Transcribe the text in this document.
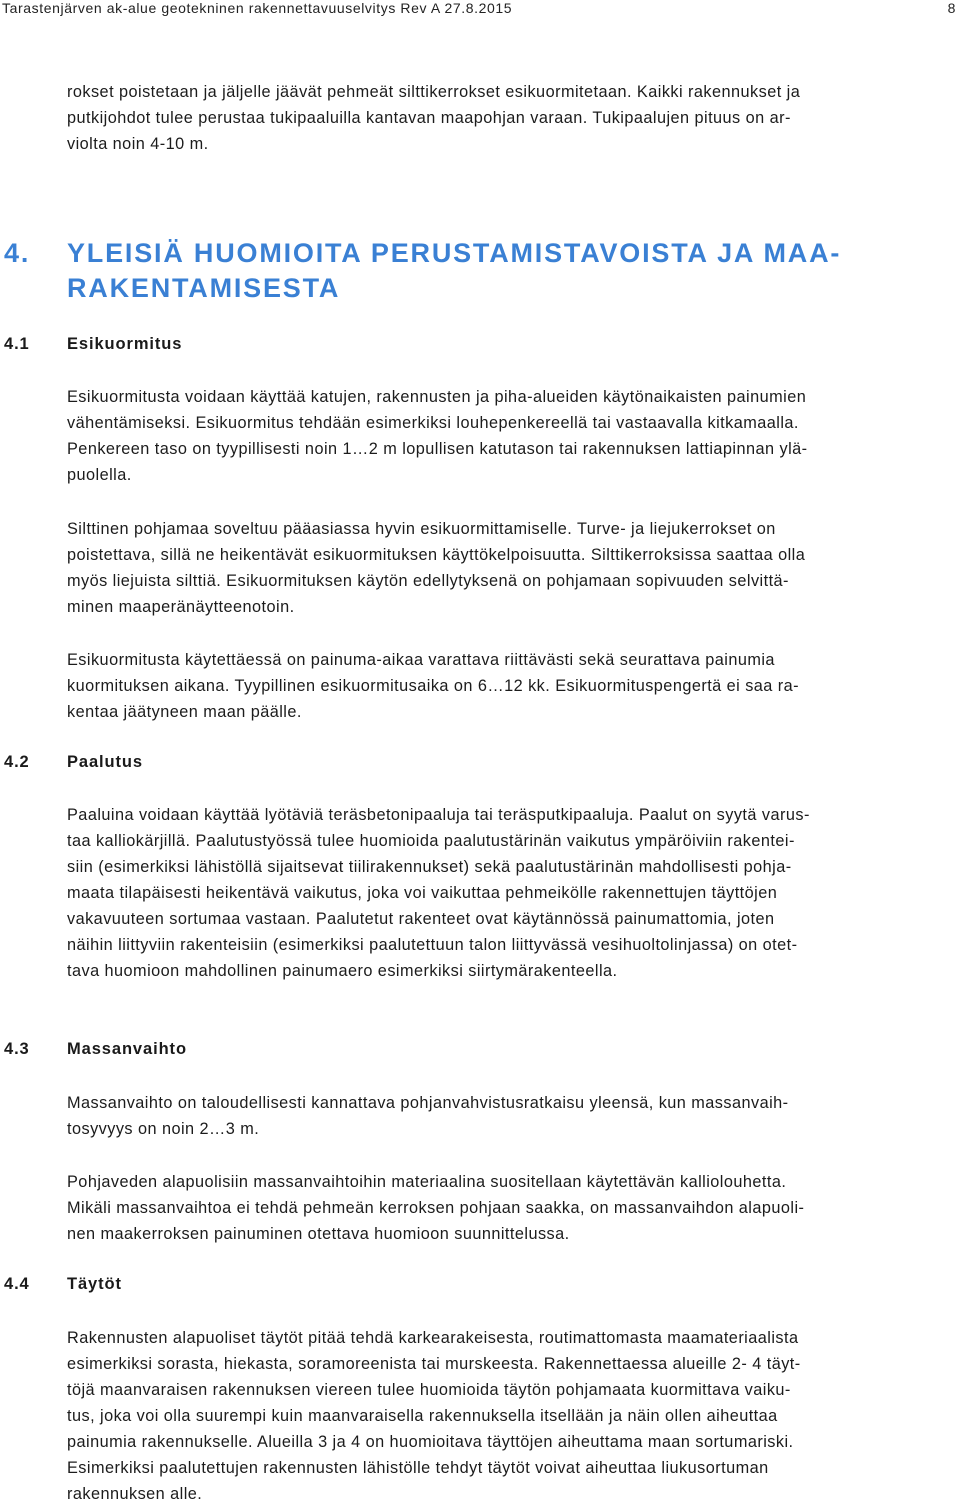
Tarastenjärven ak-alue geotekninen rakennettavuuselvitys Rev A 27.8.2015	8

rokset poistetaan ja jäljelle jäävät pehmeät silttikerrokset esikuormitetaan. Kaikki rakennukset ja

putkijohdot tulee perustaa tukipaaluilla kantavan maapohjan varaan. Tukipaalujen pituus on ar-

violta noin 4-10 m.

4. YLEISIÄ HUOMIOITA PERUSTAMISTAVOISTA JA MAA-
RAKENTAMISESTA
4.1 Esikuormitus

Esikuormitusta voidaan käyttää katujen, rakennusten ja piha-alueiden käytönaikaisten painumien

vähentämiseksi. Esikuormitus tehdään esimerkiksi louhepenkereellä tai vastaavalla kitkamaalla.

Penkereen taso on tyypillisesti noin 1…2 m lopullisen katutason tai rakennuksen lattiapinnan ylä-

puolella.

Silttinen pohjamaa soveltuu pääasiassa hyvin esikuormittamiselle. Turve- ja liejukerrokset on

poistettava, sillä ne heikentävät esikuormituksen käyttökelpoisuutta. Silttikerroksissa saattaa olla

myös liejuista silttiä. Esikuormituksen käytön edellytyksenä on pohjamaan sopivuuden selvittä-

minen maaperänäytteenotoin.

Esikuormitusta käytettäessä on painuma-aikaa varattava riittävästi sekä seurattava painumia

kuormituksen aikana. Tyypillinen esikuormitusaika on 6…12 kk. Esikuormituspengertä ei saa ra-

kentaa jäätyneen maan päälle.

4.2 Paalutus

Paaluina voidaan käyttää lyötäviä teräsbetonipaaluja tai teräsputkipaaluja. Paalut on syytä varus-

taa kalliokärjillä. Paalutustyössä tulee huomioida paalutustärinän vaikutus ympäröiviin rakentei-

siin (esimerkiksi lähistöllä sijaitsevat tiilirakennukset) sekä paalutustärinän mahdollisesti pohja-

maata tilapäisesti heikentävä vaikutus, joka voi vaikuttaa pehmeikölle rakennettujen täyttöjen

vakavuuteen sortumaa vastaan. Paalutetut rakenteet ovat käytännössä painumattomia, joten

näihin liittyviin rakenteisiin (esimerkiksi paalutettuun talon liittyvässä vesihuoltolinjassa) on otet-

tava huomioon mahdollinen painumaero esimerkiksi siirtymärakenteella.

4.3 Massanvaihto

Massanvaihto on taloudellisesti kannattava pohjanvahvistusratkaisu yleensä, kun massanvaih-

tosyvyys on noin 2…3 m.

Pohjaveden alapuolisiin massanvaihtoihin materiaalina suositellaan käytettävän kalliolouhetta.

Mikäli massanvaihtoa ei tehdä pehmeän kerroksen pohjaan saakka, on massanvaihdon alapuoli-

nen maakerroksen painuminen otettava huomioon suunnittelussa.

4.4 Täytöt

Rakennusten alapuoliset täytöt pitää tehdä karkearakeisesta, routimattomasta maamateriaalista

esimerkiksi sorasta, hiekasta, soramoreenista tai murskeesta. Rakennettaessa alueille 2- 4 täyt-

töjä maanvaraisen rakennuksen viereen tulee huomioida täytön pohjamaata kuormittava vaiku-

tus, joka voi olla suurempi kuin maanvaraisella rakennuksella itsellään ja näin ollen aiheuttaa

painumia rakennukselle. Alueilla 3 ja 4 on huomioitava täyttöjen aiheuttama maan sortumariski.

Esimerkiksi paalutettujen rakennusten lähistölle tehdyt täytöt voivat aiheuttaa liukusortuman

rakennuksen alle.
